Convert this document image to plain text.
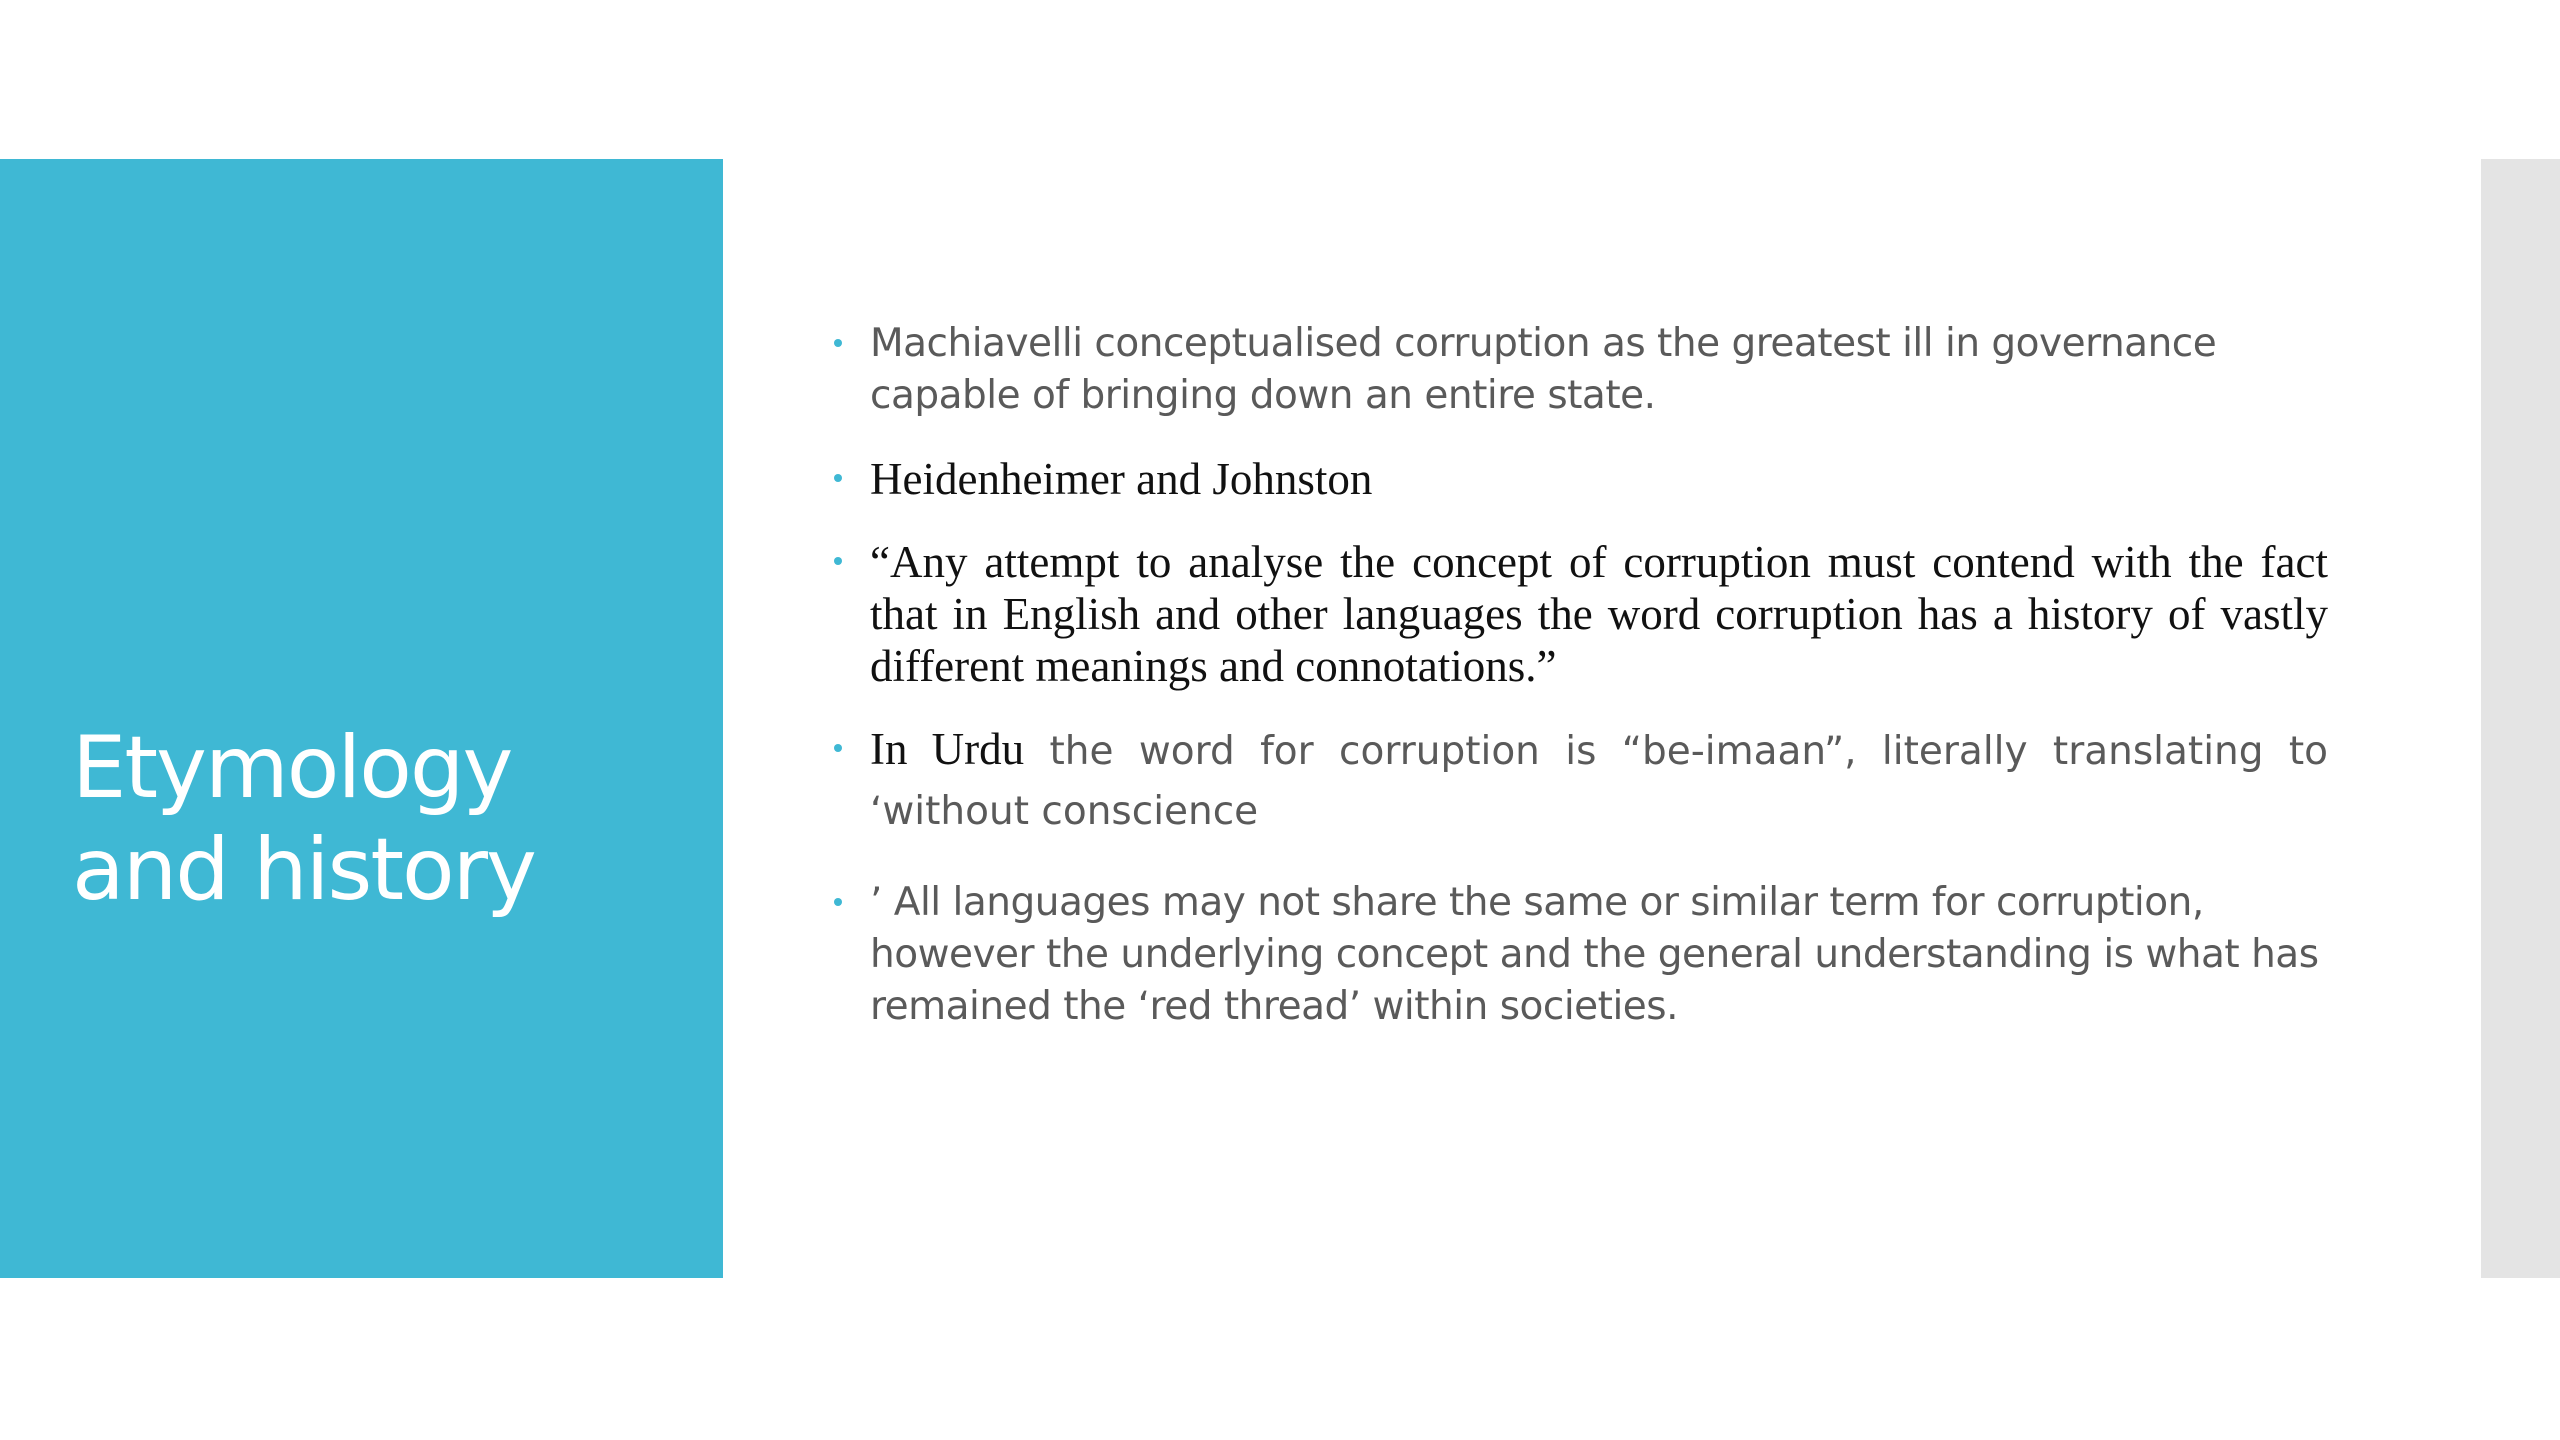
Etymology
and history
Machiavelli conceptualised corruption as the greatest ill in governance capable of bringing down an entire state.
Heidenheimer and Johnston
“Any attempt to analyse the concept of corruption must contend with the fact that in English and other languages the word corruption has a history of vastly different meanings and connotations.”
In Urdu the word for corruption is “be-imaan”, literally translating to ‘without conscience
’ All languages may not share the same or similar term for corruption, however the underlying concept and the general understanding is what has remained the ‘red thread’ within societies.
